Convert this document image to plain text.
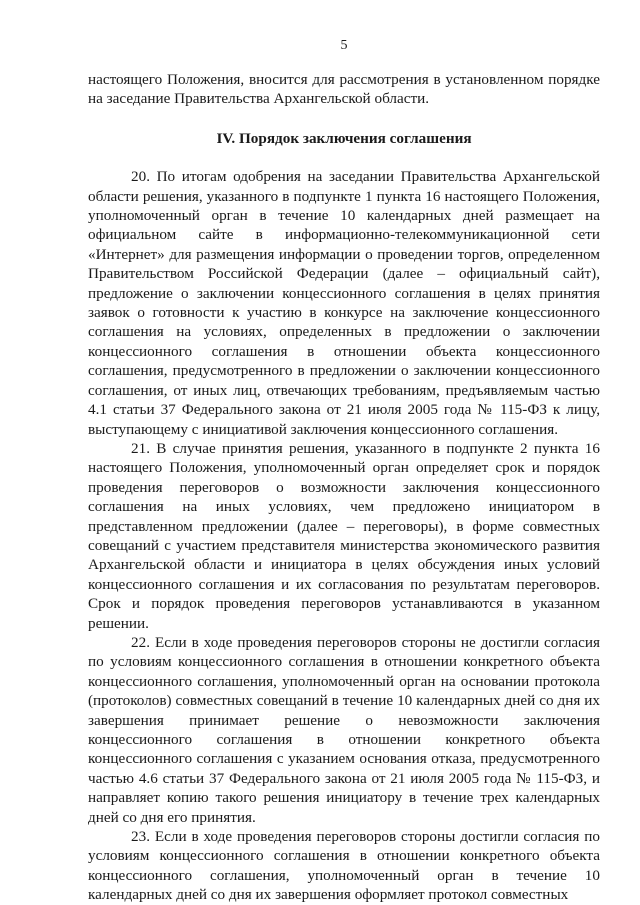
5

настоящего Положения, вносится для рассмотрения в установленном порядке на заседание Правительства Архангельской области.

IV. Порядок заключения соглашения

20. По итогам одобрения на заседании Правительства Архангельской области решения, указанного в подпункте 1 пункта 16 настоящего Положения, уполномоченный орган в течение 10 календарных дней размещает на официальном сайте в информационно-телекоммуникационной сети «Интернет» для размещения информации о проведении торгов, определенном Правительством Российской Федерации (далее – официальный сайт), предложение о заключении концессионного соглашения в целях принятия заявок о готовности к участию в конкурсе на заключение концессионного соглашения на условиях, определенных в предложении о заключении концессионного соглашения в отношении объекта концессионного соглашения, предусмотренного в предложении о заключении концессионного соглашения, от иных лиц, отвечающих требованиям, предъявляемым частью 4.1 статьи 37 Федерального закона от 21 июля 2005 года № 115-ФЗ к лицу, выступающему с инициативой заключения концессионного соглашения.

21. В случае принятия решения, указанного в подпункте 2 пункта 16 настоящего Положения, уполномоченный орган определяет срок и порядок проведения переговоров о возможности заключения концессионного соглашения на иных условиях, чем предложено инициатором в представленном предложении (далее – переговоры), в форме совместных совещаний с участием представителя министерства экономического развития Архангельской области и инициатора в целях обсуждения иных условий концессионного соглашения и их согласования по результатам переговоров. Срок и порядок проведения переговоров устанавливаются в указанном решении.

22. Если в ходе проведения переговоров стороны не достигли согласия по условиям концессионного соглашения в отношении конкретного объекта концессионного соглашения, уполномоченный орган на основании протокола (протоколов) совместных совещаний в течение 10 календарных дней со дня их завершения принимает решение о невозможности заключения концессионного соглашения в отношении конкретного объекта концессионного соглашения с указанием основания отказа, предусмотренного частью 4.6 статьи 37 Федерального закона от 21 июля 2005 года № 115-ФЗ, и направляет копию такого решения инициатору в течение трех календарных дней со дня его принятия.

23. Если в ходе проведения переговоров стороны достигли согласия по условиям концессионного соглашения в отношении конкретного объекта концессионного соглашения, уполномоченный орган в течение 10 календарных дней со дня их завершения оформляет протокол совместных
